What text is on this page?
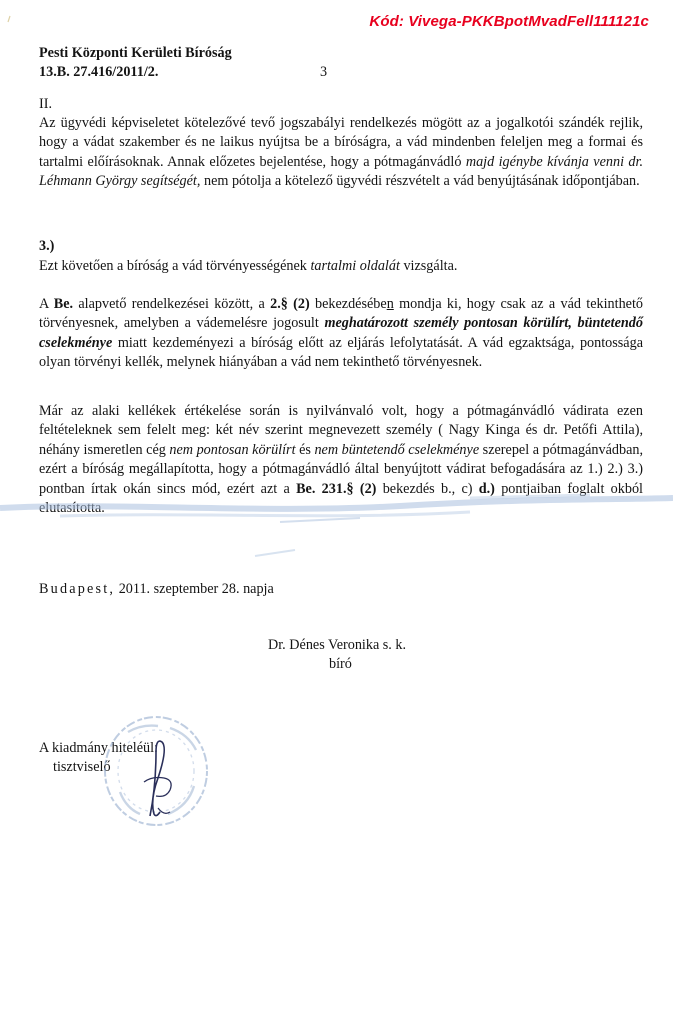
Kód: Vivega-PKKBpotMvadFell111121c
Pesti Központi Kerületi Bíróság
13.B. 27.416/2011/2.	3
II.
Az ügyvédi képviseletet kötelezővé tevő jogszabályi rendelkezés mögött az a jogalkotói szándék rejlik, hogy a vádat szakember és ne laikus nyújtsa be a bíróságra, a vád mindenben feleljen meg a formai és tartalmi előírásoknak. Annak előzetes bejelentése, hogy a pótmagánvádló majd igénybe kívánja venni dr. Léhmann György segítségét, nem pótolja a kötelező ügyvédi részvételt a vád benyújtásának időpontjában.
3.)
Ezt követően a bíróság a vád törvényességének tartalmi oldalát vizsgálta.
A Be. alapvető rendelkezései között, a 2.§ (2) bekezdésében mondja ki, hogy csak az a vád tekinthető törvényesnek, amelyben a vádemelésre jogosult meghatározott személy pontosan körülírt, büntetendő cselekménye miatt kezdeményezi a bíróság előtt az eljárás lefolytatását. A vád egzaktsága, pontossága olyan törvényi kellék, melynek hiányában a vád nem tekinthető törvényesnek.
Már az alaki kellékek értékelése során is nyilvánvaló volt, hogy a pótmagánvádló vádirata ezen feltételeknek sem felelt meg: két név szerint megnevezett személy ( Nagy Kinga és dr. Petőfi Attila), néhány ismeretlen cég nem pontosan körülírt és nem büntetendő cselekménye szerepel a pótmagánvádban, ezért a bíróság megállapította, hogy a pótmagánvádló által benyújtott vádirat befogadására az 1.) 2.) 3.) pontban írtak okán sincs mód, ezért azt a Be. 231.§ (2) bekezdés b., c) d.) pontjaiban foglalt okból elutasította.
Budapest, 2011. szeptember 28. napja
Dr. Dénes Veronika s. k.
bíró
A kiadmány hiteléül:
tisztviselő
